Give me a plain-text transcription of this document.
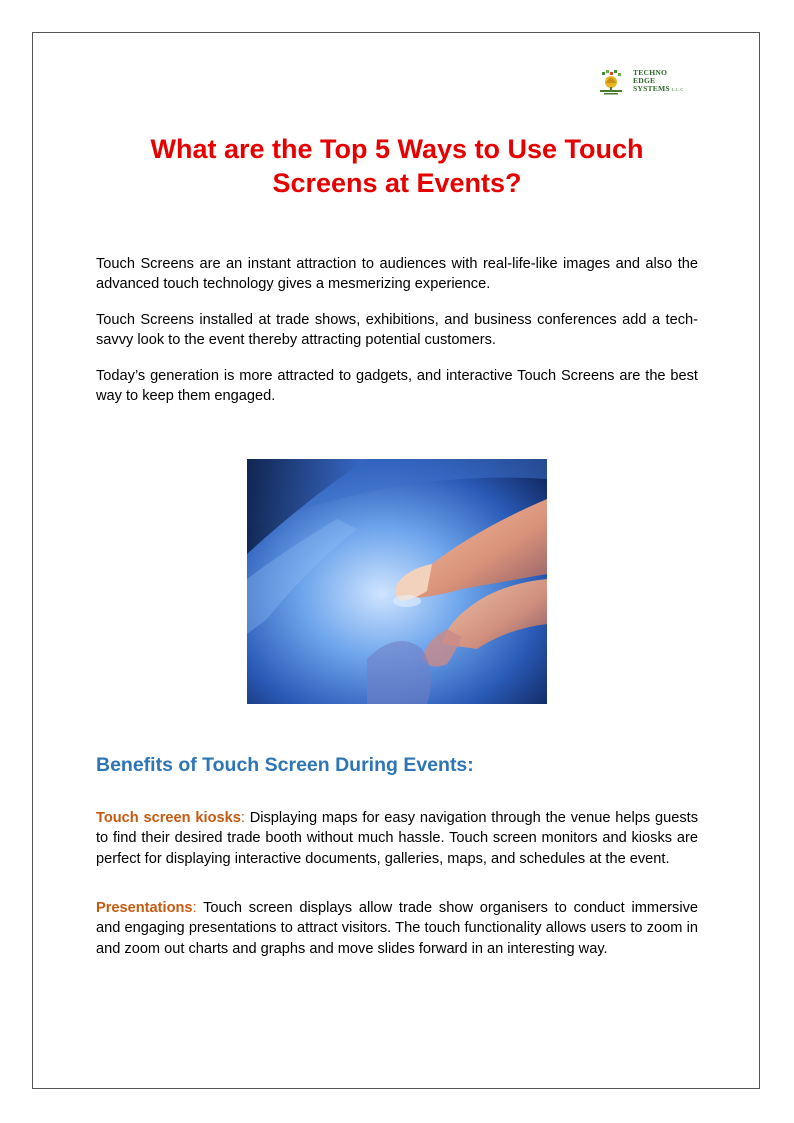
TECHNO
EDGE
SYSTEMS L.L.C
What are the Top 5 Ways to Use Touch Screens at Events?

Touch Screens are an instant attraction to audiences with real-life-like images and also the advanced touch technology gives a mesmerizing experience.

Touch Screens installed at trade shows, exhibitions, and business conferences add a tech-savvy look to the event thereby attracting potential customers.

Today’s generation is more attracted to gadgets, and interactive Touch Screens are the best way to keep them engaged.

Benefits of Touch Screen During Events:

Touch screen kiosks: Displaying maps for easy navigation through the venue helps guests to find their desired trade booth without much hassle. Touch screen monitors and kiosks are perfect for displaying interactive documents, galleries, maps, and schedules at the event.

Presentations: Touch screen displays allow trade show organisers to conduct immersive and engaging presentations to attract visitors. The touch functionality allows users to zoom in and zoom out charts and graphs and move slides forward in an interesting way.
